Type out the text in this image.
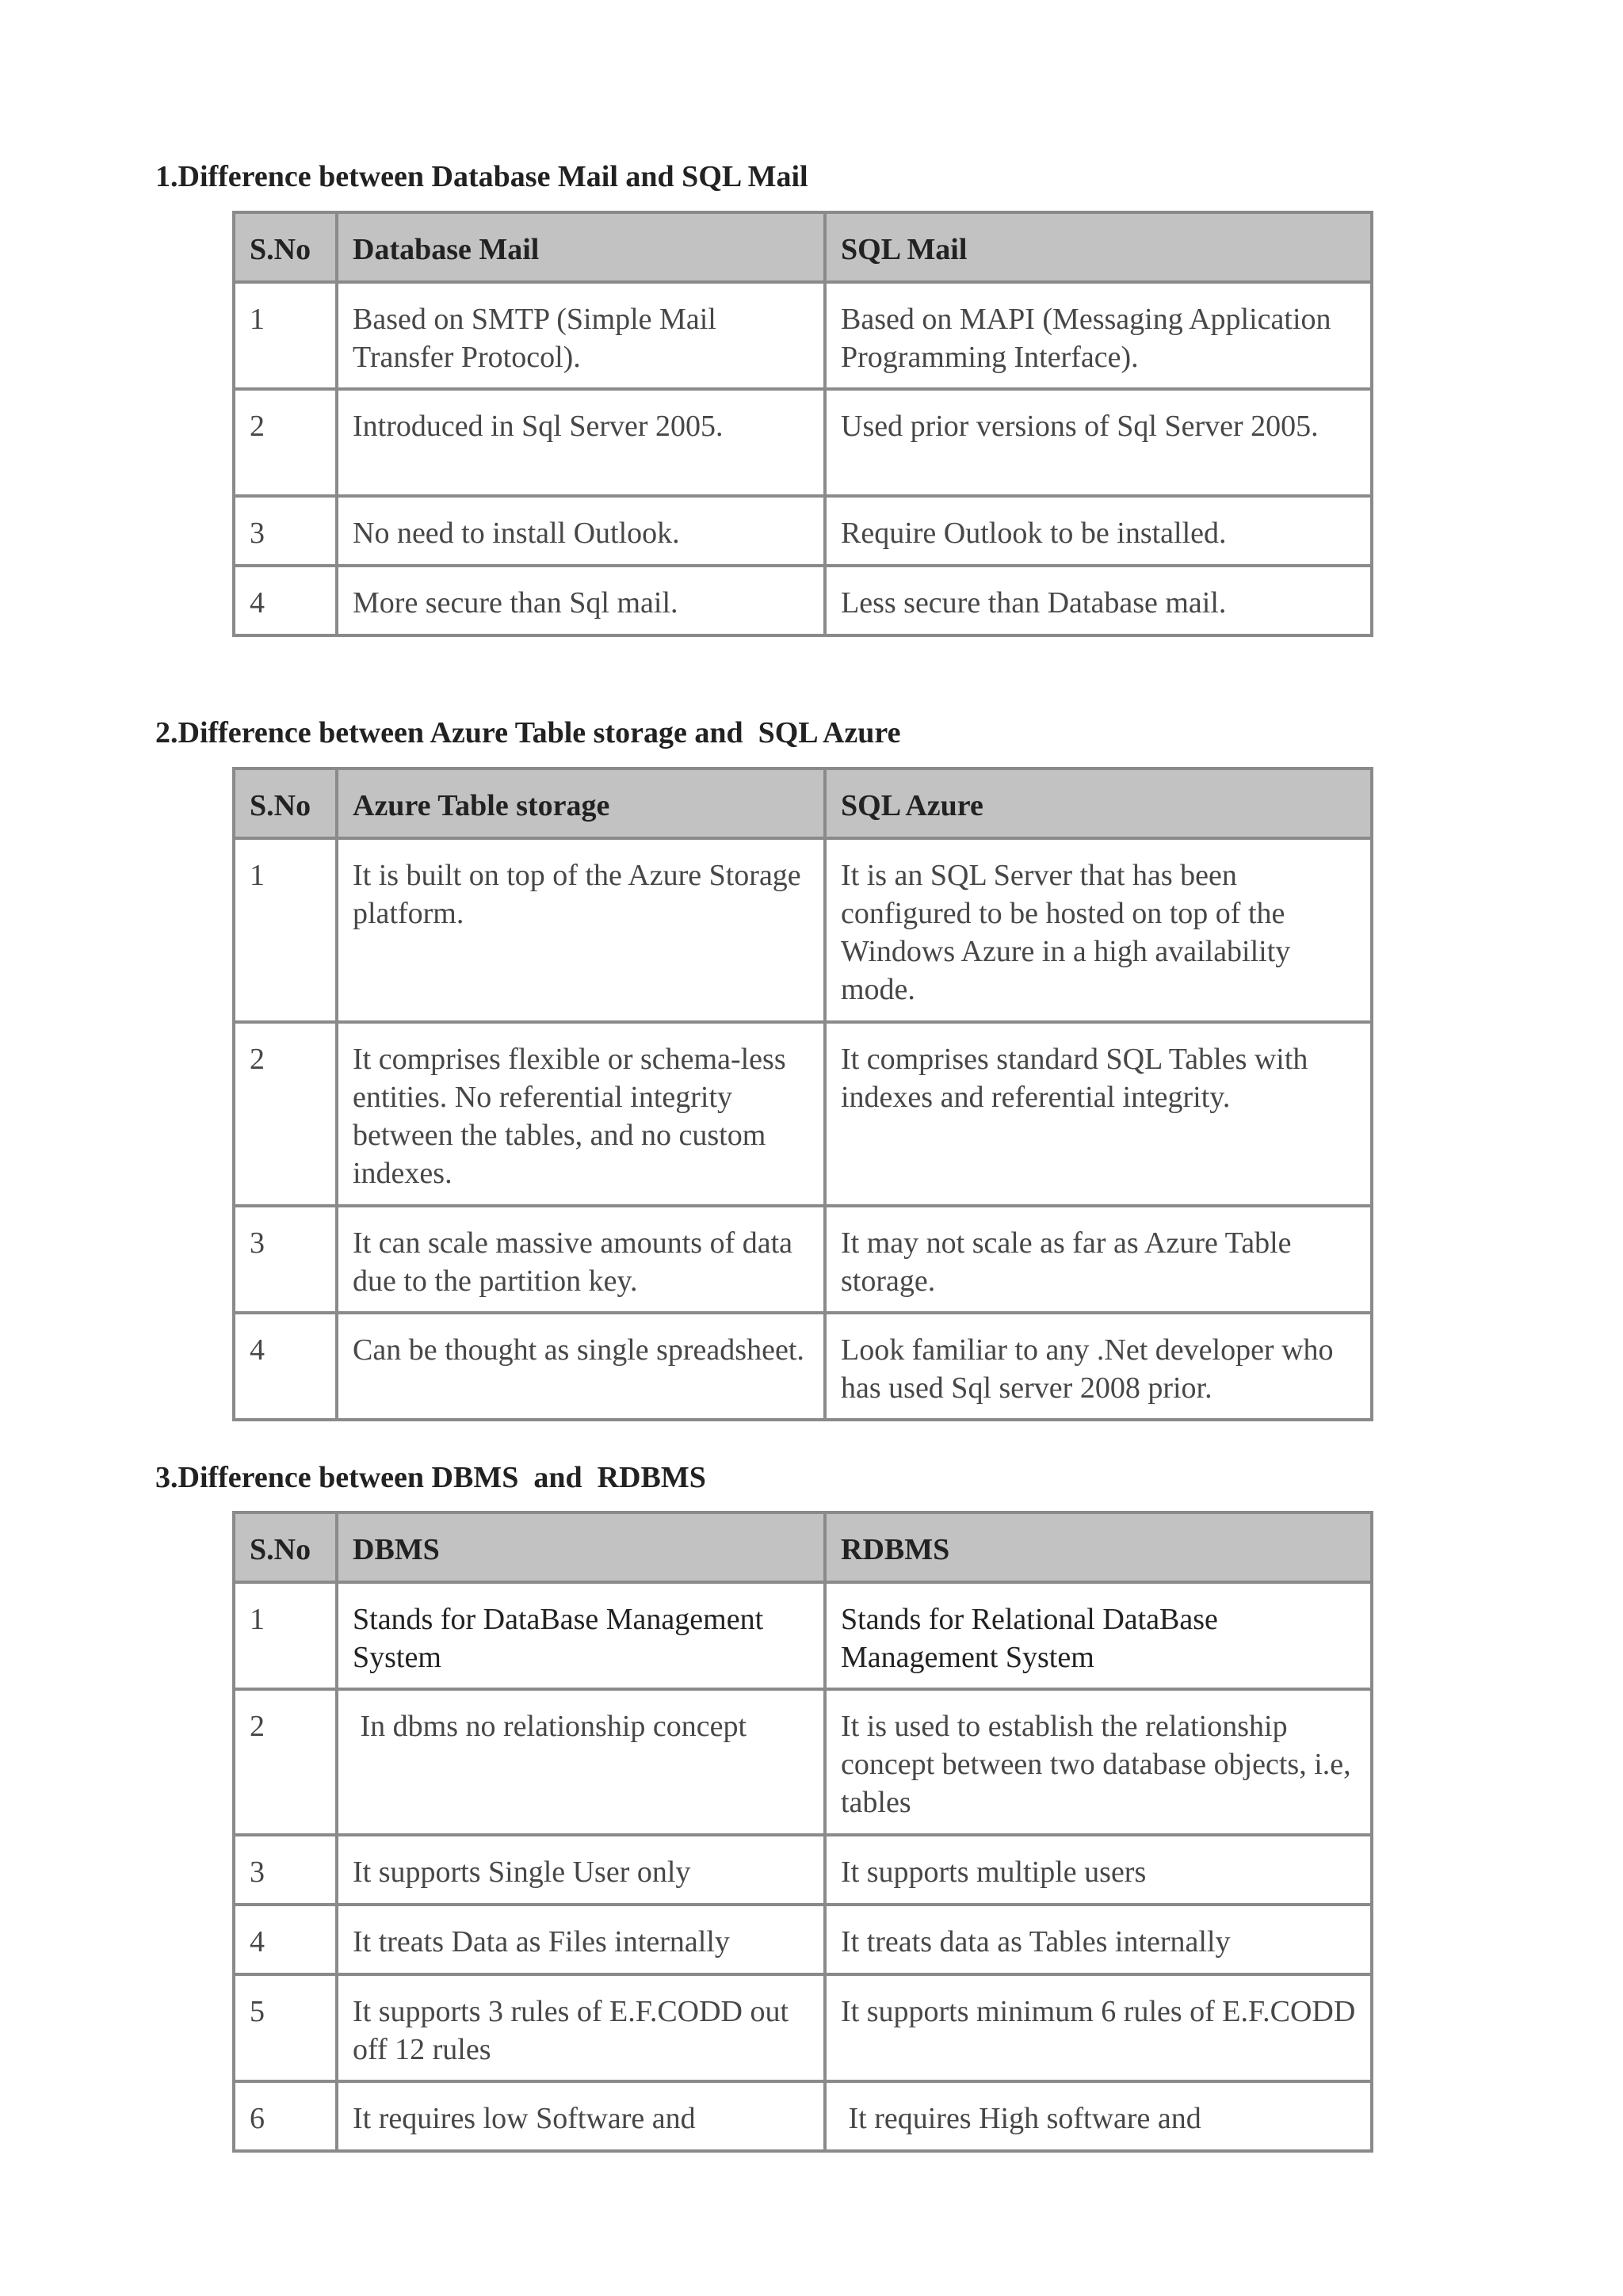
1.Difference between Database Mail and SQL Mail
S.No	Database Mail	SQL Mail
1	Based on SMTP (Simple Mail Transfer Protocol).	Based on MAPI (Messaging Application Programming Interface).
2	Introduced in Sql Server 2005.	Used prior versions of Sql Server 2005.
3	No need to install Outlook.	Require Outlook to be installed.
4	More secure than Sql mail.	Less secure than Database mail.
2.Difference between Azure Table storage and  SQL Azure
S.No	Azure Table storage	SQL Azure
1	It is built on top of the Azure Storage platform.	It is an SQL Server that has been configured to be hosted on top of the Windows Azure in a high availability mode.
2	It comprises flexible or schema-less entities. No referential integrity between the tables, and no custom indexes.	It comprises standard SQL Tables with indexes and referential integrity.
3	It can scale massive amounts of data due to the partition key.	It may not scale as far as Azure Table storage.
4	Can be thought as single spreadsheet.	Look familiar to any .Net developer who has used Sql server 2008 prior.
3.Difference between DBMS  and  RDBMS
S.No	DBMS	RDBMS
1	Stands for DataBase Management System	Stands for Relational DataBase Management System
2	In dbms no relationship concept	It is used to establish the relationship concept between two database objects, i.e, tables
3	It supports Single User only	It supports multiple users
4	It treats Data as Files internally	It treats data as Tables internally
5	It supports 3 rules of E.F.CODD out off 12 rules	It supports minimum 6 rules of E.F.CODD
6	It requires low Software and	It requires High software and
